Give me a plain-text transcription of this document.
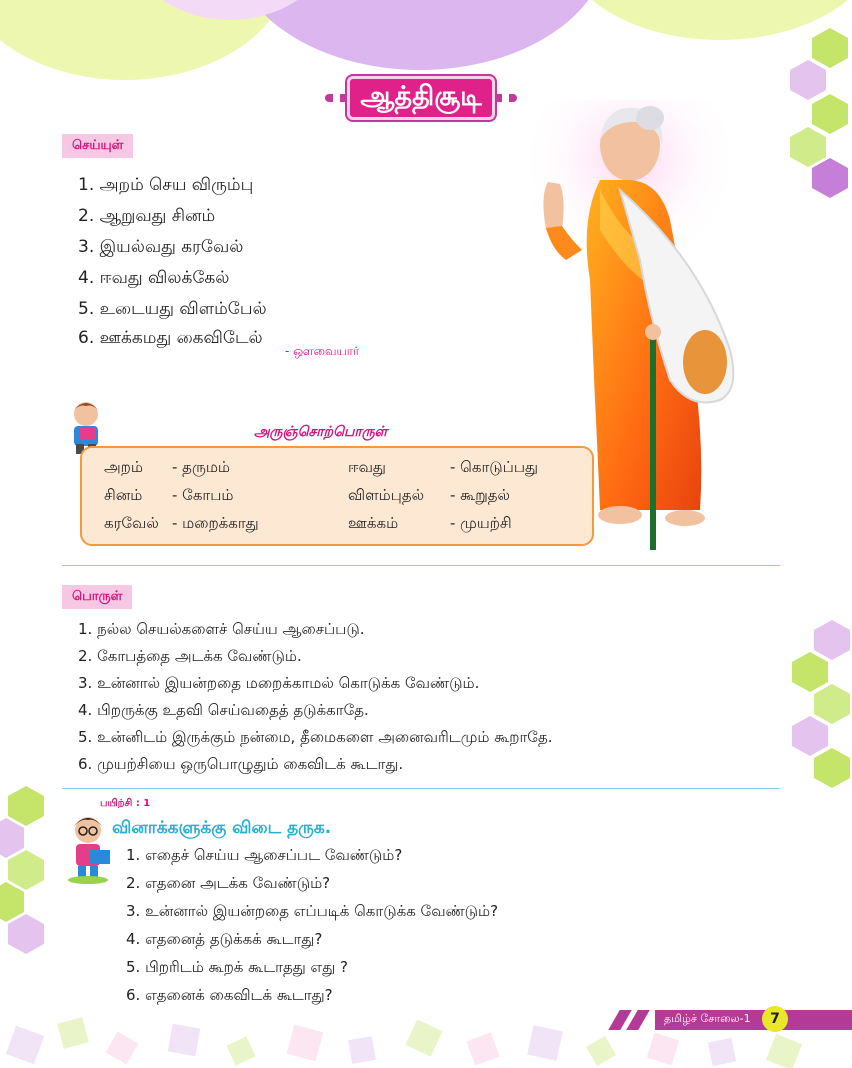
ஆத்திசூடி
செய்யுள்
1. அறம் செய விரும்பு
2. ஆறுவது சினம்
3. இயல்வது கரவேல்
4. ஈவது விலக்கேல்
5. உடையது விளம்பேல்
6. ஊக்கமது கைவிடேல்
- ஔவையார்
அருஞ்சொற்பொருள்
அறம் - தருமம்
சினம் - கோபம்
கரவேல் - மறைக்காது
ஈவது	- கொடுப்பது
விளம்புதல் - கூறுதல்
ஊக்கம்	- முயற்சி
பொருள்
1. நல்ல செயல்களைச் செய்ய ஆசைப்படு.
2. கோபத்தை அடக்க வேண்டும்.
3. உன்னால் இயன்றதை மறைக்காமல் கொடுக்க வேண்டும்.
4. பிறருக்கு உதவி செய்வதைத் தடுக்காதே.
5. உன்னிடம் இருக்கும் நன்மை, தீமைகளை அனைவரிடமும் கூறாதே.
6. முயற்சியை ஒருபொழுதும் கைவிடக் கூடாது.
பயிற்சி : 1
வினாக்களுக்கு விடை தருக.
1. எதைச் செய்ய ஆசைப்பட வேண்டும்?
2. எதனை அடக்க வேண்டும்?
3. உன்னால் இயன்றதை எப்படிக் கொடுக்க வேண்டும்?
4. எதனைத் தடுக்கக் கூடாது?
5. பிறரிடம் கூறக் கூடாதது எது ?
6. எதனைக் கைவிடக் கூடாது?
தமிழ்ச் சோலை-1	7
